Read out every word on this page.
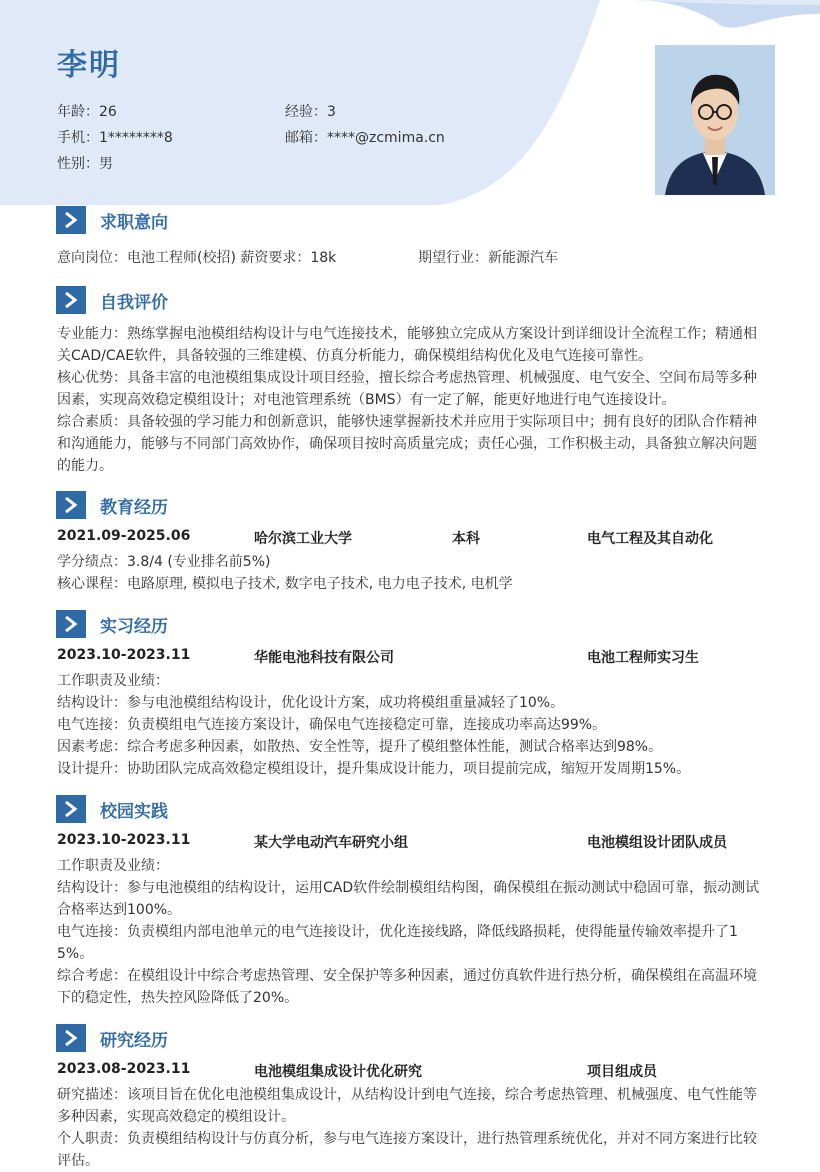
李明
年龄：26	经验：3
手机：1********8	邮箱：****@zcmima.cn
性别：男
求职意向
意向岗位：电池工程师(校招) 薪资要求：18k	期望行业：新能源汽车
自我评价
专业能力：熟练掌握电池模组结构设计与电气连接技术，能够独立完成从方案设计到详细设计全流程工作；精通相
关CAD/CAE软件，具备较强的三维建模、仿真分析能力，确保模组结构优化及电气连接可靠性。
核心优势：具备丰富的电池模组集成设计项目经验，擅长综合考虑热管理、机械强度、电气安全、空间布局等多种
因素，实现高效稳定模组设计；对电池管理系统（BMS）有一定了解，能更好地进行电气连接设计。
综合素质：具备较强的学习能力和创新意识，能够快速掌握新技术并应用于实际项目中；拥有良好的团队合作精神
和沟通能力，能够与不同部门高效协作，确保项目按时高质量完成；责任心强，工作积极主动，具备独立解决问题
的能力。
教育经历
2021.09-2025.06	哈尔滨工业大学	本科	电气工程及其自动化
学分绩点：3.8/4 (专业排名前5%)
核心课程：电路原理, 模拟电子技术, 数字电子技术, 电力电子技术, 电机学
实习经历
2023.10-2023.11	华能电池科技有限公司	电池工程师实习生
工作职责及业绩：
结构设计：参与电池模组结构设计，优化设计方案，成功将模组重量减轻了10%。
电气连接：负责模组电气连接方案设计，确保电气连接稳定可靠，连接成功率高达99%。
因素考虑：综合考虑多种因素，如散热、安全性等，提升了模组整体性能，测试合格率达到98%。
设计提升：协助团队完成高效稳定模组设计，提升集成设计能力，项目提前完成，缩短开发周期15%。
校园实践
2023.10-2023.11	某大学电动汽车研究小组	电池模组设计团队成员
工作职责及业绩：
结构设计：参与电池模组的结构设计，运用CAD软件绘制模组结构图，确保模组在振动测试中稳固可靠，振动测试
合格率达到100%。
电气连接：负责模组内部电池单元的电气连接设计，优化连接线路，降低线路损耗，使得能量传输效率提升了1
5%。
综合考虑：在模组设计中综合考虑热管理、安全保护等多种因素，通过仿真软件进行热分析，确保模组在高温环境
下的稳定性，热失控风险降低了20%。
研究经历
2023.08-2023.11	电池模组集成设计优化研究	项目组成员
研究描述：该项目旨在优化电池模组集成设计，从结构设计到电气连接，综合考虑热管理、机械强度、电气性能等
多种因素，实现高效稳定的模组设计。
个人职责：负责模组结构设计与仿真分析，参与电气连接方案设计，进行热管理系统优化，并对不同方案进行比较
评估。
